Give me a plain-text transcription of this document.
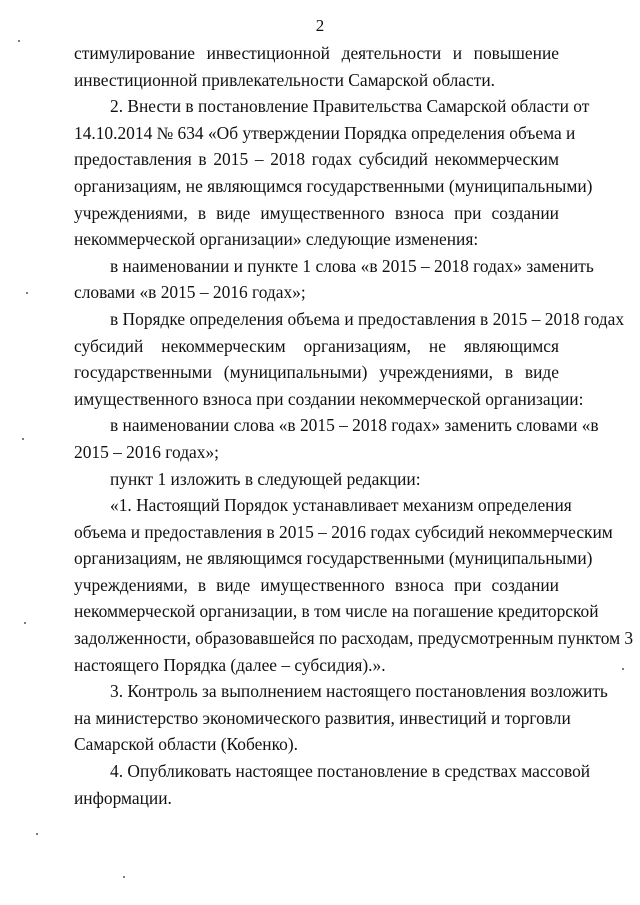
2
стимулирование инвестиционной деятельности и повышение
инвестиционной привлекательности Самарской области.
2. Внести в постановление Правительства Самарской области от
14.10.2014 № 634 «Об утверждении Порядка определения объема и
предоставления в 2015 – 2018 годах субсидий некоммерческим
организациям, не являющимся государственными (муниципальными)
учреждениями, в виде имущественного взноса при создании
некоммерческой организации» следующие изменения:
в наименовании и пункте 1 слова «в 2015 – 2018 годах» заменить
словами «в 2015 – 2016 годах»;
в Порядке определения объема и предоставления в 2015 – 2018 годах
субсидий некоммерческим организациям, не являющимся
государственными (муниципальными) учреждениями, в виде
имущественного взноса при создании некоммерческой организации:
в наименовании слова «в 2015 – 2018 годах» заменить словами «в
2015 – 2016 годах»;
пункт 1 изложить в следующей редакции:
«1. Настоящий Порядок устанавливает механизм определения
объема и предоставления в 2015 – 2016 годах субсидий некоммерческим
организациям, не являющимся государственными (муниципальными)
учреждениями, в виде имущественного взноса при создании
некоммерческой организации, в том числе на погашение кредиторской
задолженности, образовавшейся по расходам, предусмотренным пунктом 3
настоящего Порядка (далее – субсидия).».
3. Контроль за выполнением настоящего постановления возложить
на министерство экономического развития, инвестиций и торговли
Самарской области (Кобенко).
4. Опубликовать настоящее постановление в средствах массовой
информации.
